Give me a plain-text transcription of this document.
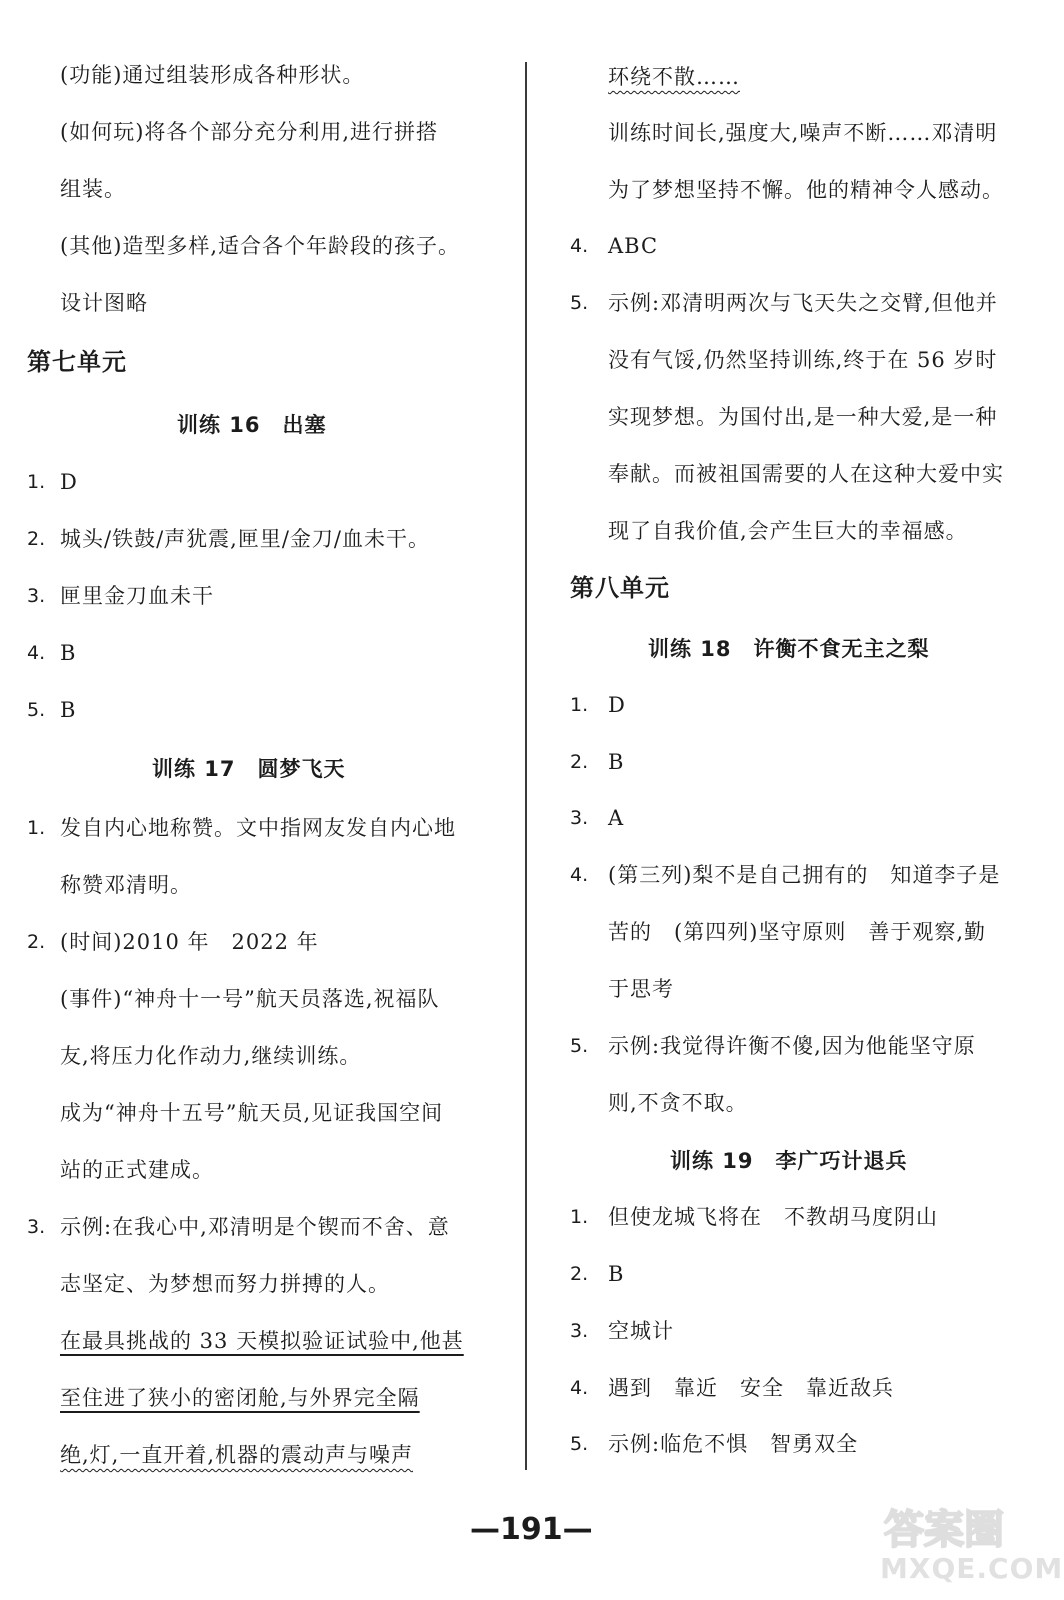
(功能)通过组装形成各种形状。
(如何玩)将各个部分充分利用,进行拼搭
组装。
(其他)造型多样,适合各个年龄段的孩子。
设计图略
第七单元
训练 16 出塞
1. D
2. 城头/铁鼓/声犹震,匣里/金刀/血未干。
3. 匣里金刀血未干
4. B
5. B
训练 17 圆梦飞天
1. 发自内心地称赞。文中指网友发自内心地
称赞邓清明。
2. (时间)2010 年　2022 年
(事件)“神舟十一号”航天员落选,祝福队
友,将压力化作动力,继续训练。
成为“神舟十五号”航天员,见证我国空间
站的正式建成。
3. 示例:在我心中,邓清明是个锲而不舍、意
志坚定、为梦想而努力拼搏的人。
在最具挑战的 33 天模拟验证试验中,他甚
至住进了狭小的密闭舱,与外界完全隔
绝,灯,一直开着,机器的震动声与噪声
环绕不散……
训练时间长,强度大,噪声不断……邓清明
为了梦想坚持不懈。他的精神令人感动。
4. ABC
5. 示例:邓清明两次与飞天失之交臂,但他并
没有气馁,仍然坚持训练,终于在 56 岁时
实现梦想。为国付出,是一种大爱,是一种
奉献。而被祖国需要的人在这种大爱中实
现了自我价值,会产生巨大的幸福感。
第八单元
训练 18 许衡不食无主之梨
1. D
2. B
3. A
4. (第三列)梨不是自己拥有的　知道李子是
苦的　(第四列)坚守原则　善于观察,勤
于思考
5. 示例:我觉得许衡不傻,因为他能坚守原
则,不贪不取。
训练 19 李广巧计退兵
1. 但使龙城飞将在　不教胡马度阴山
2. B
3. 空城计
4. 遇到　靠近　安全　靠近敌兵
5. 示例:临危不惧　智勇双全
—191—	答案圈
MXQE.COM
